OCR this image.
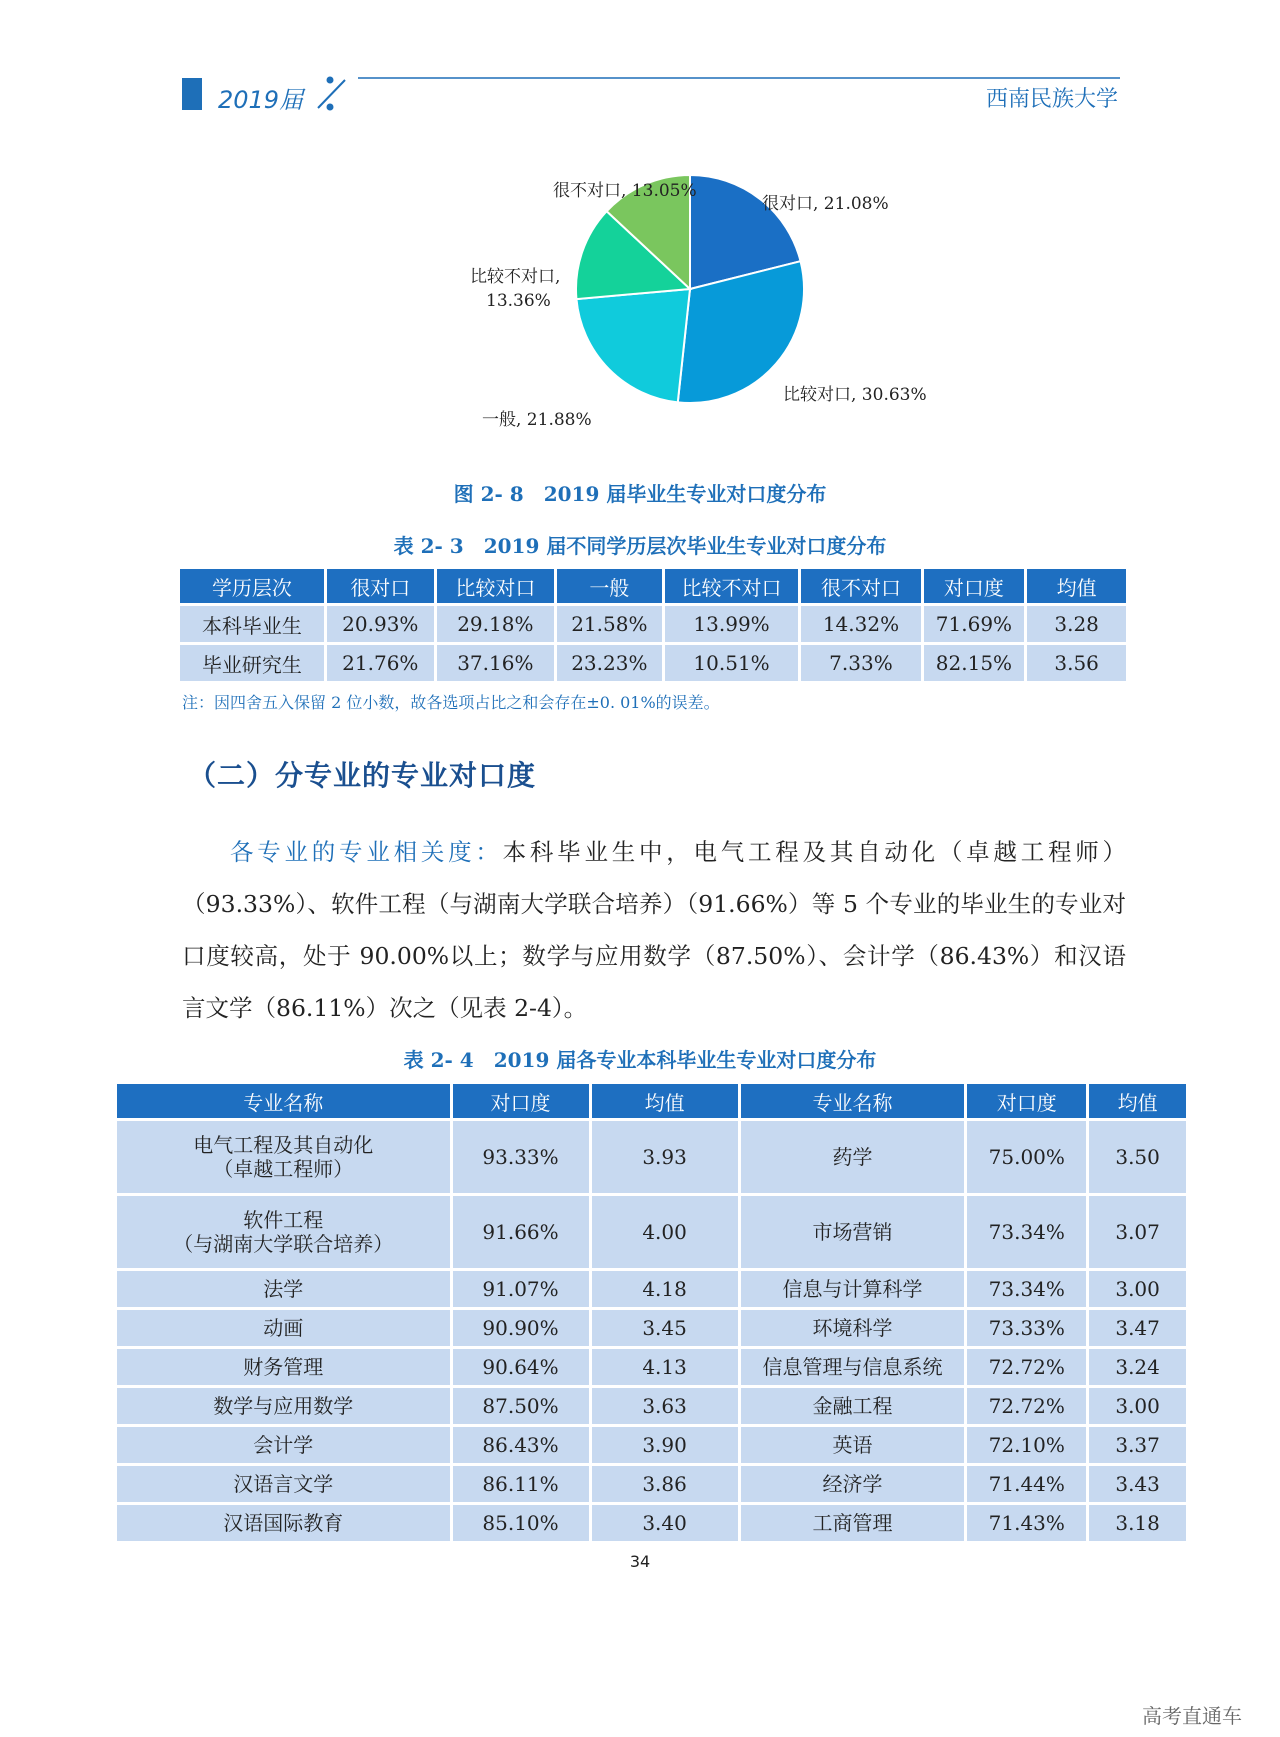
2019届	西南民族大学
很对口, 21.08%
比较对口, 30.63%
一般, 21.88%
比较不对口,
13.36%
很不对口, 13.05%
图 2- 8　2019 届毕业生专业对口度分布
表 2- 3　2019 届不同学历层次毕业生专业对口度分布
学历层次	很对口	比较对口	一般	比较不对口	很不对口	对口度	均值
本科毕业生	20.93%	29.18%	21.58%	13.99%	14.32%	71.69%	3.28
毕业研究生	21.76%	37.16%	23.23%	10.51%	7.33%	82.15%	3.56
注：因四舍五入保留 2 位小数，故各选项占比之和会存在±0. 01%的误差。
（二）分专业的专业对口度
各专业的专业相关度：本科毕业生中，电气工程及其自动化（卓越工程师）（93.33%）、软件工程（与湖南大学联合培养）（91.66%）等 5 个专业的毕业生的专业对口度较高，处于 90.00%以上；数学与应用数学（87.50%）、会计学（86.43%）和汉语言文学（86.11%）次之（见表 2-4）。
表 2- 4　2019 届各专业本科毕业生专业对口度分布
专业名称	对口度	均值	专业名称	对口度	均值

电气工程及其自动化
（卓越工程师）	93.33%	3.93	药学	75.00%	3.50

软件工程
（与湖南大学联合培养）	91.66%	4.00	市场营销	73.34%	3.07
法学	91.07%	4.18	信息与计算科学	73.34%	3.00
动画	90.90%	3.45	环境科学	73.33%	3.47
财务管理	90.64%	4.13	信息管理与信息系统	72.72%	3.24
数学与应用数学	87.50%	3.63	金融工程	72.72%	3.00
会计学	86.43%	3.90	英语	72.10%	3.37
汉语言文学	86.11%	3.86	经济学	71.44%	3.43
汉语国际教育	85.10%	3.40	工商管理	71.43%	3.18
34
高考直通车
